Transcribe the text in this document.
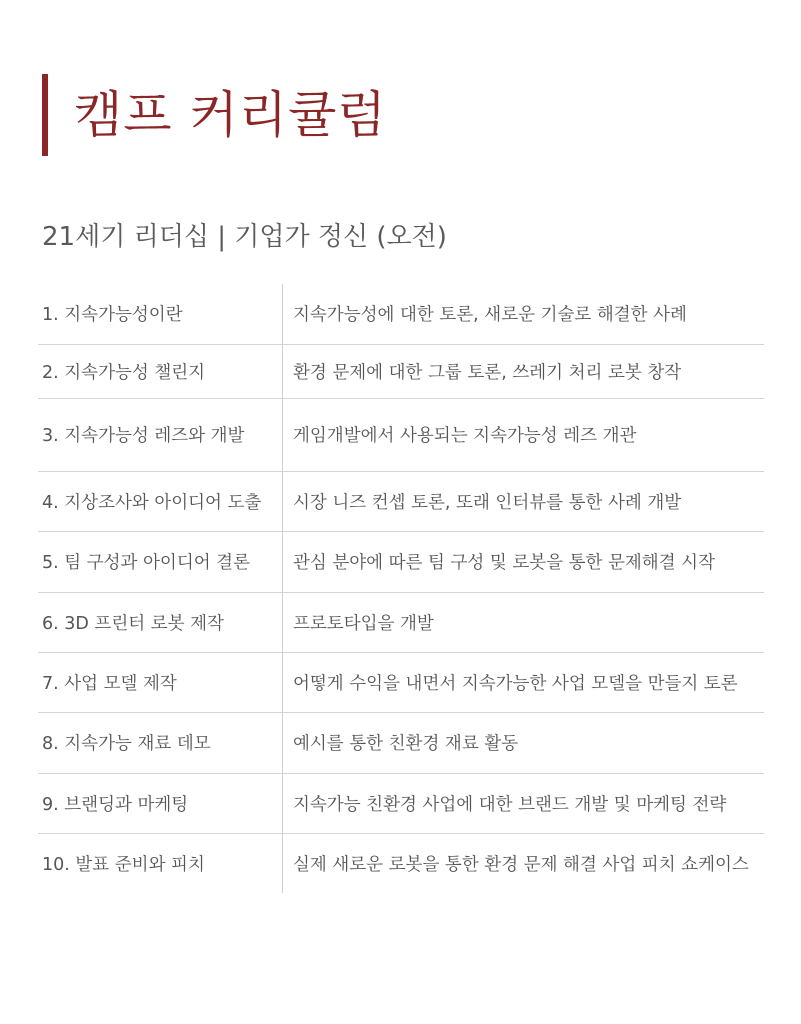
캠프 커리큘럼
21세기 리더십 | 기업가 정신 (오전)
1. 지속가능성이란	지속가능성에 대한 토론, 새로운 기술로 해결한 사례
2. 지속가능성 챌린지	환경 문제에 대한 그룹 토론, 쓰레기 처리 로봇 창작
3. 지속가능성 레즈와 개발	게임개발에서 사용되는 지속가능성 레즈 개관
4. 지상조사와 아이디어 도출	시장 니즈 컨셉 토론, 또래 인터뷰를 통한 사례 개발
5. 팀 구성과 아이디어 결론	관심 분야에 따른 팀 구성 및 로봇을 통한 문제해결 시작
6. 3D 프린터 로봇 제작	프로토타입을 개발
7. 사업 모델 제작	어떻게 수익을 내면서 지속가능한 사업 모델을 만들지 토론
8. 지속가능 재료 데모	예시를 통한 친환경 재료 활동
9. 브랜딩과 마케팅	지속가능 친환경 사업에 대한 브랜드 개발 및 마케팅 전략
10. 발표 준비와 피치	실제 새로운 로봇을 통한 환경 문제 해결 사업 피치 쇼케이스
